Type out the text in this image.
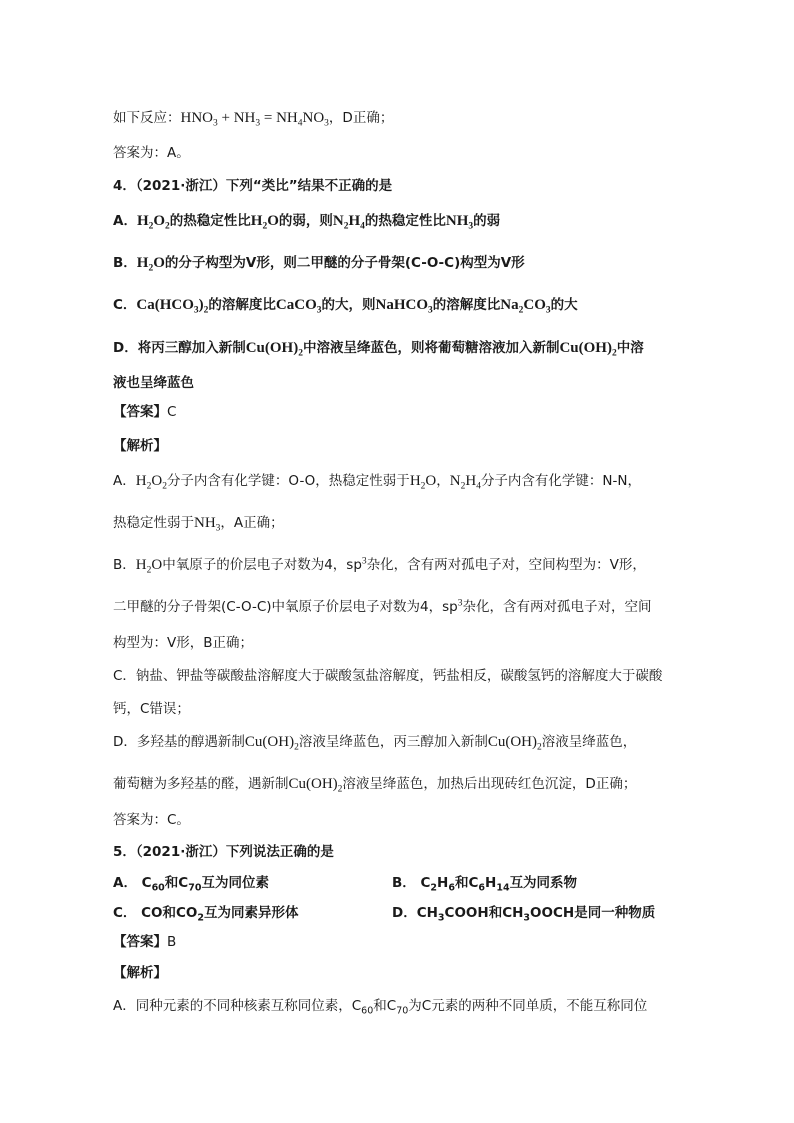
如下反应：$HNO_3 + NH_3 = NH_4NO_3$，D正确；
答案为：A。
4．（2021·浙江）下列“类比”结果不正确的是
A．$H_2O_2$的热稳定性比$H_2O$的弱，则$N_2H_4$的热稳定性比$NH_3$的弱
B．$H_2O$的分子构型为V形，则二甲醚的分子骨架(C-O-C)构型为V形
C．$Ca(HCO_3)_2$的溶解度比CaCO$_3$的大，则NaHCO$_3$的溶解度比$Na_2CO_3$的大
D．将丙三醇加入新制$Cu(OH)_2$中溶液呈绛蓝色，则将葡萄糖溶液加入新制$Cu(OH)_2$中溶
液也呈绛蓝色
【答案】C
【解析】
A．$H_2O_2$分子内含有化学键：O-O，热稳定性弱于$H_2O$，$N_2H_4$分子内含有化学键：N-N，
热稳定性弱于$NH_3$，A正确；
B．$H_2O$中氧原子的价层电子对数为4，$sp^3$杂化，含有两对孤电子对，空间构型为：V形，
二甲醚的分子骨架(C-O-C)中氧原子价层电子对数为4，$sp^3$杂化，含有两对孤电子对，空间
构型为：V形，B正确；
C．钠盐、钾盐等碳酸盐溶解度大于碳酸氢盐溶解度，钙盐相反，碳酸氢钙的溶解度大于碳酸
钙，C错误；
D．多羟基的醇遇新制$Cu(OH)_2$溶液呈绛蓝色，丙三醇加入新制$Cu(OH)_2$溶液呈绛蓝色，
葡萄糖为多羟基的醛，遇新制$Cu(OH)_2$溶液呈绛蓝色，加热后出现砖红色沉淀，D正确；
答案为：C。
5．（2021·浙江）下列说法正确的是
A． $C_{60}$和$C_{70}$互为同位素	B． $C_2H_6$和$C_6H_{14}$互为同系物
C． CO和$CO_2$互为同素异形体	D．$CH_3COOH$和$CH_3OOCH$是同一种物质
【答案】B
【解析】
A．同种元素的不同种核素互称同位素，$C_{60}$和$C_{70}$为C元素的两种不同单质，不能互称同位
